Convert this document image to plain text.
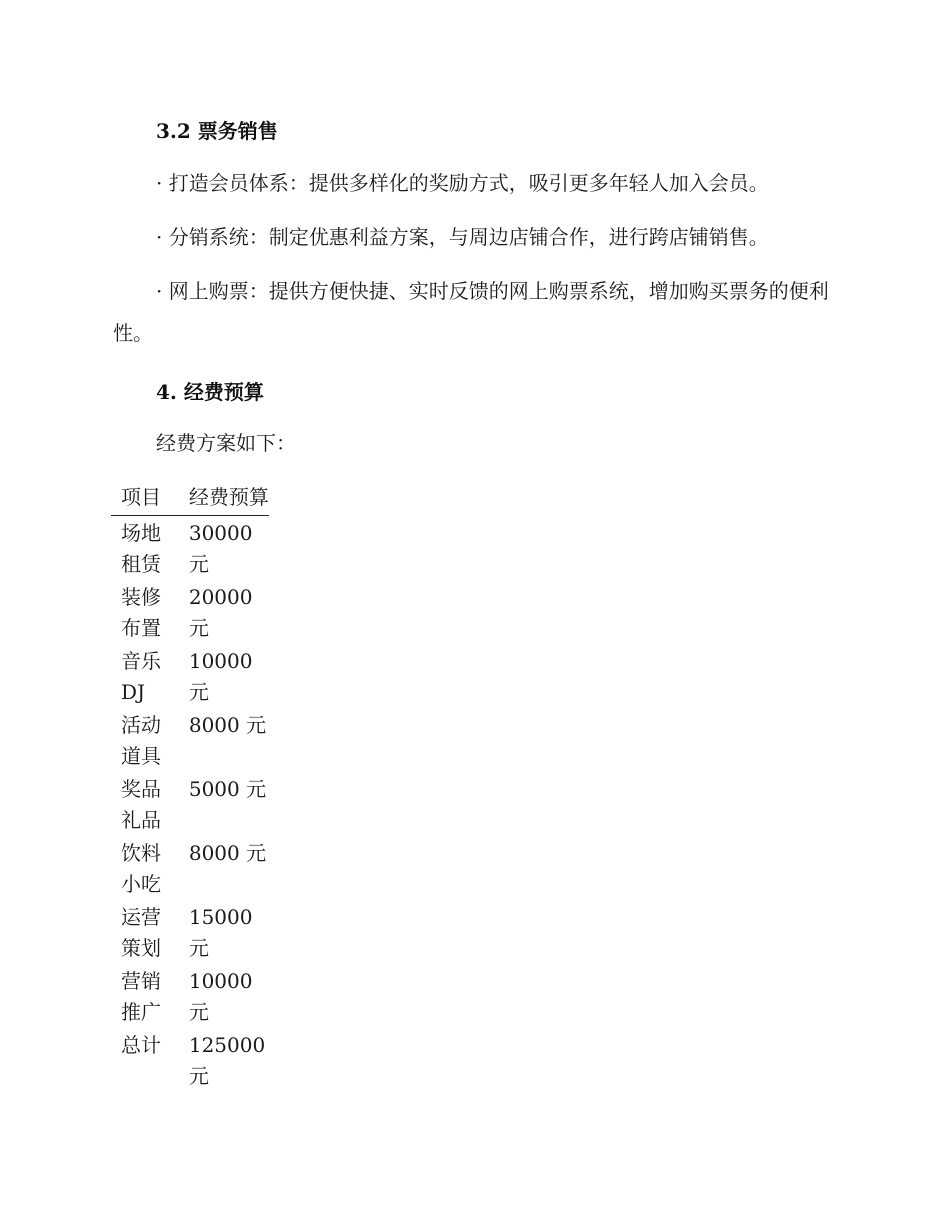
3.2 票务销售
· 打造会员体系：提供多样化的奖励方式，吸引更多年轻人加入会员。
· 分销系统：制定优惠利益方案，与周边店铺合作，进行跨店铺销售。
· 网上购票：提供方便快捷、实时反馈的网上购票系统，增加购买票务的便利性。
4. 经费预算
经费方案如下：
项目	经费预算
场地租赁	30000 元
装修布置	20000 元
音乐 DJ	10000 元
活动道具	8000 元
奖品礼品	5000 元
饮料小吃	8000 元
运营策划	15000 元
营销推广	10000 元
总计	125000 元
